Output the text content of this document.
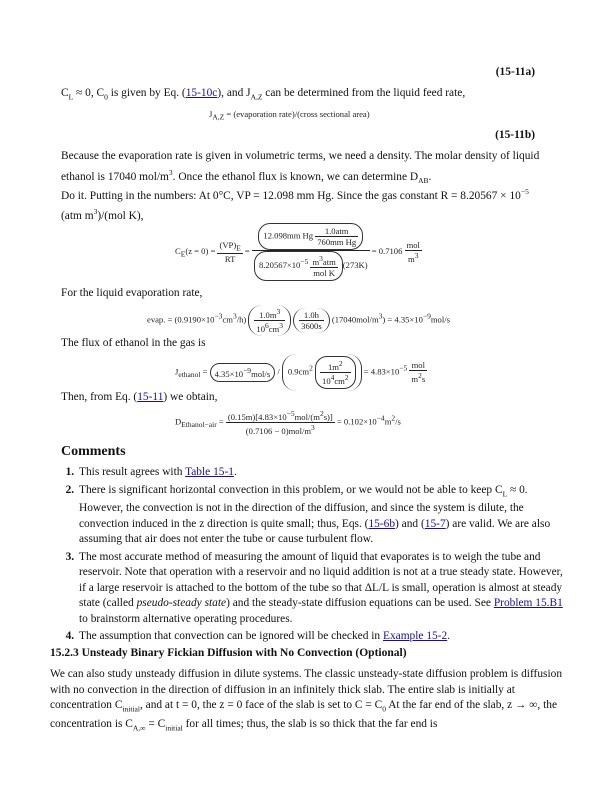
(15-11a)
$C_L \approx 0$, $C_0$ is given by Eq. (15-10c), and $J_{A,Z}$ can be determined from the liquid feed rate,
$J_{A,Z}$ = (evaporation rate)/(cross sectional area)
(15-11b)
Because the evaporation rate is given in volumetric terms, we need a density. The molar density of liquid ethanol is 17040 mol/$m^3$. Once the ethanol flux is known, we can determine $D_{AB}$.
Do it. Putting in the numbers: At 0°C, VP = 12.098 mm Hg. Since the gas constant $R = 8.20567 \times 10^{-5}$ (atm $m^3)/(mol$ K),
$C_E(z = 0) = \frac{(VP)_E}{RT} = \frac{12.098mm Hg \frac{\text{1.0atm}}{\text{760mm Hg}}}{8.20567\times 10^{-5} \frac{m^3atm}{\text{mol K}} (273K)} = 0.7106 \frac{\text{mol}}{m^3}$
For the liquid evaporation rate,
evap. = $(0.9190\times 10^{-3}cm^3/h) \frac{1.0m^3}{10^6cm^3}$
$\frac{1.0h}{3600s} (17040mol/m^3) = 4.35\times 10^{-9}mol/s$
The flux of ethanol in the gas is
$J_{ethanol} = 4.35\times 10^{-9}mol/s / 0.9cm^2 \frac{1m^2}{10^4cm^2} = 4.83\times 10^{-5} \frac{\text{mol}}{m^2s}$
Then, from Eq. (15-11) we obtain,
$D_{Ethanol-air} = \frac{(0.15m)[4.83\times 10^{-5}mol/(m^2s)]}{(0.7106 - 0)mol/m^3} = 0.102\times 10^{-4}m^2/s$
Comments
1. This result agrees with Table 15-1.
2. There is significant horizontal convection in this problem, or we would not be able to keep $C_L \approx 0$. However, the convection is not in the direction of the diffusion, and since the system is dilute, the convection induced in the z direction is quite small; thus, Eqs. (15-6b) and (15-7) are valid. We are also assuming that air does not enter the tube or cause turbulent flow.
3. The most accurate method of measuring the amount of liquid that evaporates is to weigh the tube and reservoir. Note that operation with a reservoir and no liquid addition is not at a true steady state. However, if a large reservoir is attached to the bottom of the tube so that ΔL/L is small, operation is almost at steady state (called pseudo-steady state) and the steady-state diffusion equations can be used. See Problem 15.B1 to brainstorm alternative operating procedures.
4. The assumption that convection can be ignored will be checked in Example 15-2.
15.2.3 Unsteady Binary Fickian Diffusion with No Convection (Optional)
We can also study unsteady diffusion in dilute systems. The classic unsteady-state diffusion problem is diffusion with no convection in the direction of diffusion in an infinitely thick slab. The entire slab is initially at concentration $C_{initial}$, and at t = 0, the z = 0 face of the slab is set to $C = C_0$ At the far end of the slab, z → ∞, the concentration is $C_{A,\infty} = C_{initial}$ for all times; thus, the slab is so thick that the far end is
